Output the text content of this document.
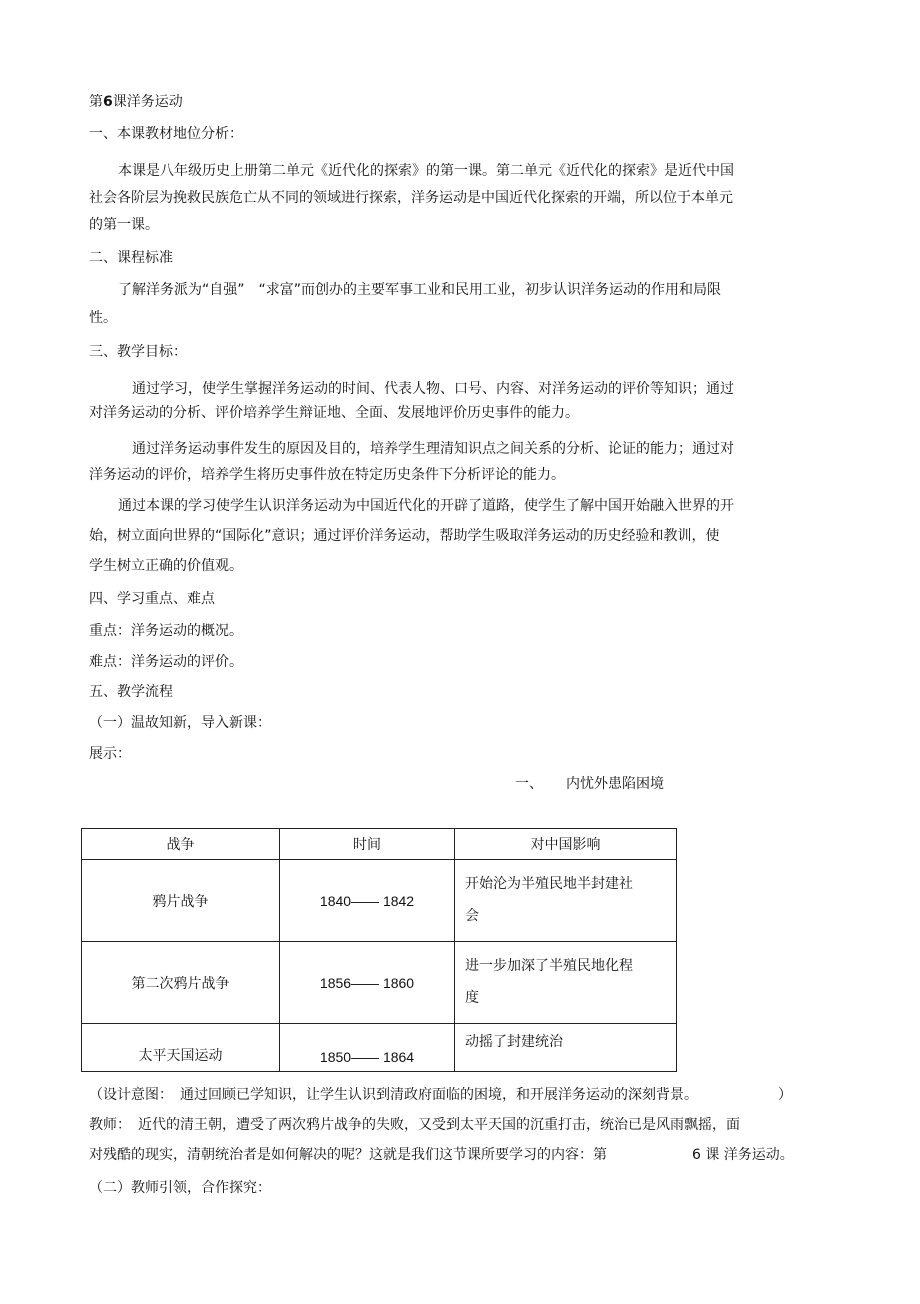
第6课洋务运动
一、本课教材地位分析：
本课是八年级历史上册第二单元《近代化的探索》的第一课。第二单元《近代化的探索》是近代中国
社会各阶层为挽救民族危亡从不同的领域进行探索，洋务运动是中国近代化探索的开端，所以位于本单元
的第一课。
二、课程标准
了解洋务派为“自强”　“求富”而创办的主要军事工业和民用工业，初步认识洋务运动的作用和局限
性。
三、教学目标：
通过学习，使学生掌握洋务运动的时间、代表人物、口号、内容、对洋务运动的评价等知识；通过
对洋务运动的分析、评价培养学生辩证地、全面、发展地评价历史事件的能力。
通过洋务运动事件发生的原因及目的，培养学生理清知识点之间关系的分析、论证的能力；通过对
洋务运动的评价，培养学生将历史事件放在特定历史条件下分析评论的能力。
通过本课的学习使学生认识洋务运动为中国近代化的开辟了道路，使学生了解中国开始融入世界的开
始，树立面向世界的“国际化”意识；通过评价洋务运动，帮助学生吸取洋务运动的历史经验和教训，使
学生树立正确的价值观。
四、学习重点、难点
重点：洋务运动的概况。
难点：洋务运动的评价。
五、教学流程
（一）温故知新，导入新课：
展示：
一、 内忧外患陷困境
战争	时间	对中国影响
鸦片战争	1840—— 1842	开始沦为半殖民地半封建社
会

第二次鸦片战争	1856—— 1860	进一步加深了半殖民地化程
度

太平天国运动	1850—— 1864	动摇了封建统治
（设计意图：　通过回顾已学知识，让学生认识到清政府面临的困境，和开展洋务运动的深刻背景。	）
教师：　近代的清王朝，遭受了两次鸦片战争的失败，又受到太平天国的沉重打击，统治已是风雨飘摇，面
对残酷的现实，清朝统治者是如何解决的呢？这就是我们这节课所要学习的内容：第	6 课 洋务运动。
（二）教师引领，合作探究：
